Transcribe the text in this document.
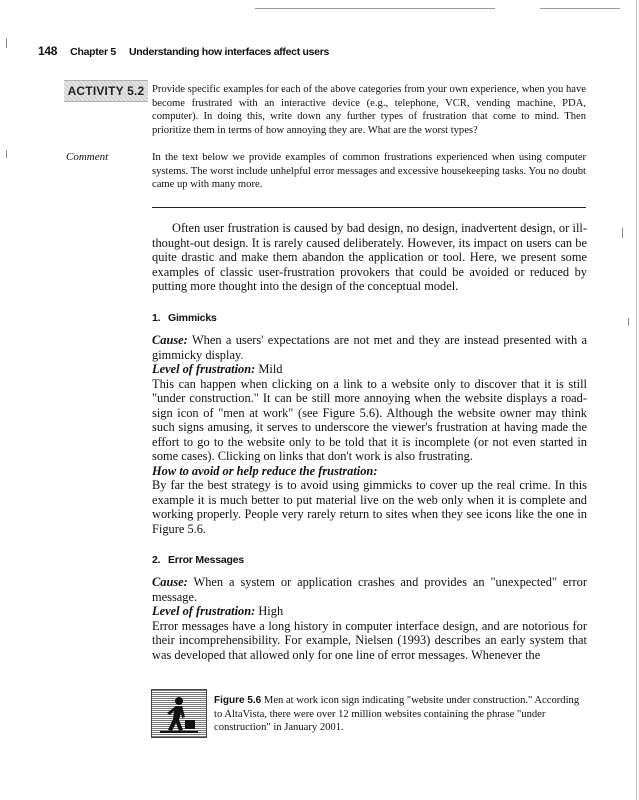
148 Chapter 5 Understanding how interfaces affect users
ACTIVITY 5.2 Provide specific examples for each of the above categories from your own experience, when you have become frustrated with an interactive device (e.g., telephone, VCR, vending machine, PDA, computer). In doing this, write down any further types of frustration that come to mind. Then prioritize them in terms of how annoying they are. What are the worst types?
Comment	In the text below we provide examples of common frustrations experienced when using computer systems. The worst include unhelpful error messages and excessive housekeeping tasks. You no doubt came up with many more.
Often user frustration is caused by bad design, no design, inadvertent design, or ill-thought-out design. It is rarely caused deliberately. However, its impact on users can be quite drastic and make them abandon the application or tool. Here, we present some examples of classic user-frustration provokers that could be avoided or reduced by putting more thought into the design of the conceptual model.
1. Gimmicks
Cause: When a users' expectations are not met and they are instead presented with a gimmicky display.
Level of frustration: Mild
This can happen when clicking on a link to a website only to discover that it is still "under construction." It can be still more annoying when the website displays a road-sign icon of "men at work" (see Figure 5.6). Although the website owner may think such signs amusing, it serves to underscore the viewer's frustration at having made the effort to go to the website only to be told that it is incomplete (or not even started in some cases). Clicking on links that don't work is also frustrating.
How to avoid or help reduce the frustration:
By far the best strategy is to avoid using gimmicks to cover up the real crime. In this example it is much better to put material live on the web only when it is complete and working properly. People very rarely return to sites when they see icons like the one in Figure 5.6.
2. Error Messages
Cause: When a system or application crashes and provides an "unexpected" error message.
Level of frustration: High
Error messages have a long history in computer interface design, and are notorious for their incomprehensibility. For example, Nielsen (1993) describes an early system that was developed that allowed only for one line of error messages. Whenever the
Figure 5.6 Men at work icon sign indicating "website under construction." According to AltaVista, there were over 12 million websites containing the phrase "under construction" in January 2001.
